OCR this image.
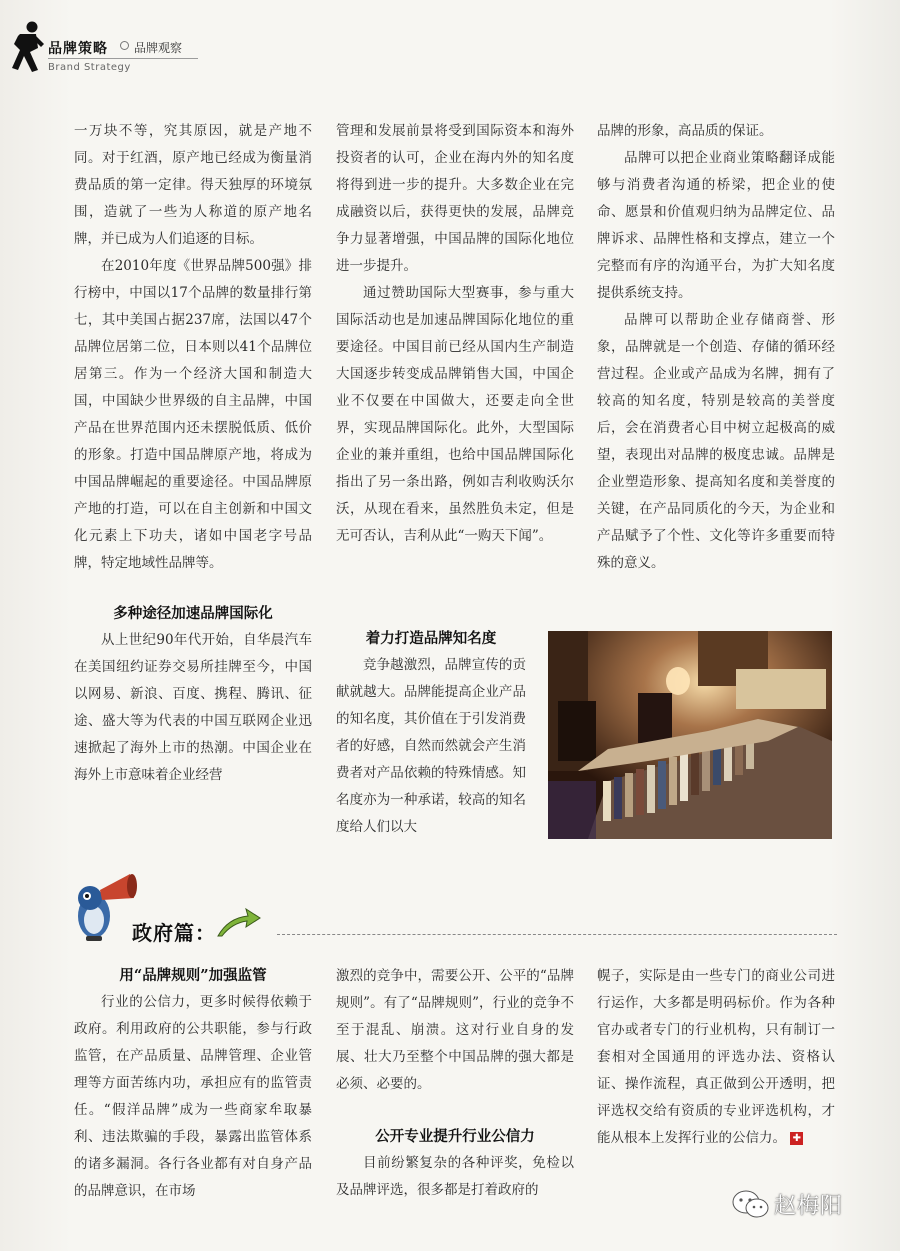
品牌策略 品牌观察
Brand Strategy

一万块不等，究其原因，就是产地不同。对于红酒，原产地已经成为衡量消费品质的第一定律。得天独厚的环境氛围，造就了一些为人称道的原产地名牌，并已成为人们追逐的目标。

在2010年度《世界品牌500强》排行榜中，中国以17个品牌的数量排行第七，其中美国占据237席，法国以47个品牌位居第二位，日本则以41个品牌位居第三。作为一个经济大国和制造大国，中国缺少世界级的自主品牌，中国产品在世界范围内还未摆脱低质、低价的形象。打造中国品牌原产地，将成为中国品牌崛起的重要途径。中国品牌原产地的打造，可以在自主创新和中国文化元素上下功夫，诸如中国老字号品牌，特定地域性品牌等。

多种途径加速品牌国际化

从上世纪90年代开始，自华晨汽车在美国纽约证券交易所挂牌至今，中国以网易、新浪、百度、携程、腾讯、征途、盛大等为代表的中国互联网企业迅速掀起了海外上市的热潮。中国企业在海外上市意味着企业经营

管理和发展前景将受到国际资本和海外投资者的认可，企业在海内外的知名度将得到进一步的提升。大多数企业在完成融资以后，获得更快的发展，品牌竞争力显著增强，中国品牌的国际化地位进一步提升。

通过赞助国际大型赛事，参与重大国际活动也是加速品牌国际化地位的重要途径。中国目前已经从国内生产制造大国逐步转变成品牌销售大国，中国企业不仅要在中国做大，还要走向全世界，实现品牌国际化。此外，大型国际企业的兼并重组，也给中国品牌国际化指出了另一条出路，例如吉利收购沃尔沃，从现在看来，虽然胜负未定，但是无可否认，吉利从此“一购天下闻”。

着力打造品牌知名度

竞争越激烈，品牌宣传的贡献就越大。品牌能提高企业产品的知名度，其价值在于引发消费者的好感，自然而然就会产生消费者对产品依赖的特殊情感。知名度亦为一种承诺，较高的知名度给人们以大

品牌的形象，高品质的保证。

品牌可以把企业商业策略翻译成能够与消费者沟通的桥梁，把企业的使命、愿景和价值观归纳为品牌定位、品牌诉求、品牌性格和支撑点，建立一个完整而有序的沟通平台，为扩大知名度提供系统支持。

品牌可以帮助企业存储商誉、形象，品牌就是一个创造、存储的循环经营过程。企业或产品成为名牌，拥有了较高的知名度，特别是较高的美誉度后，会在消费者心目中树立起极高的威望，表现出对品牌的极度忠诚。品牌是企业塑造形象、提高知名度和美誉度的关键，在产品同质化的今天，为企业和产品赋予了个性、文化等许多重要而特殊的意义。

政府篇：
用“品牌规则”加强监管

行业的公信力，更多时候得依赖于政府。利用政府的公共职能，参与行政监管，在产品质量、品牌管理、企业管理等方面苦练内功，承担应有的监管责任。“假洋品牌”成为一些商家牟取暴利、违法欺骗的手段，暴露出监管体系的诸多漏洞。各行各业都有对自身产品的品牌意识，在市场

激烈的竞争中，需要公开、公平的“品牌规则”。有了“品牌规则”，行业的竞争不至于混乱、崩溃。这对行业自身的发展、壮大乃至整个中国品牌的强大都是必须、必要的。

公开专业提升行业公信力

目前纷繁复杂的各种评奖，免检以及品牌评选，很多都是打着政府的

幌子，实际是由一些专门的商业公司进行运作，大多都是明码标价。作为各种官办或者专门的行业机构，只有制订一套相对全国通用的评选办法、资格认证、操作流程，真正做到公开透明，把评选权交给有资质的专业评选机构，才能从根本上发挥行业的公信力。 ✚

赵梅阳
